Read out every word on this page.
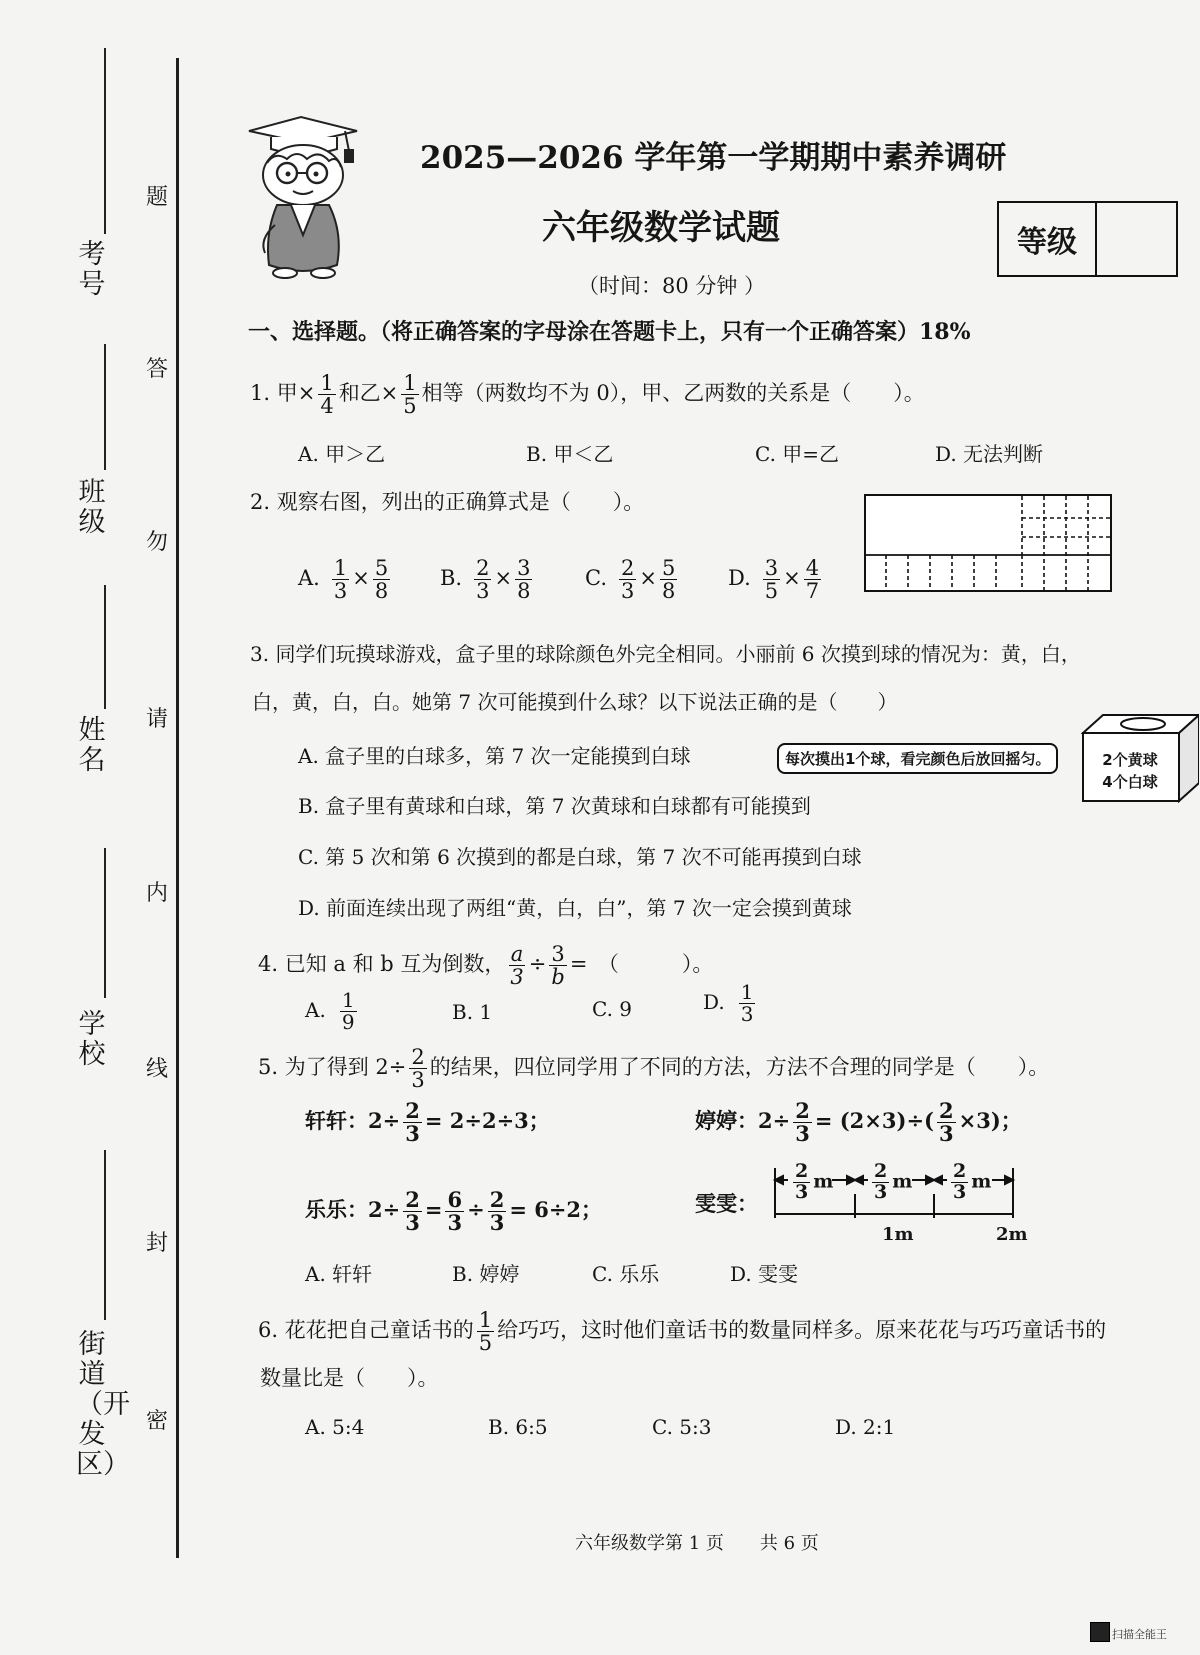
考号
班级
姓名
学校
街道（开发区）
题
答
勿
请
内
线
封
密
2025—2026 学年第一学期期中素养调研
六年级数学试题
（时间：80 分钟 ）
等级
一、选择题。（将正确答案的字母涂在答题卡上，只有一个正确答案）18%
1. 甲× $\frac{1}{4}$ 和乙× $\frac{1}{5}$ 相等（两数均不为 0），甲、乙两数的关系是（　　）。
A. 甲＞乙	B. 甲＜乙	C. 甲=乙	D. 无法判断
2. 观察右图，列出的正确算式是（　　）。
A. $\frac{1}{3} \times \frac{5}{8} B$. $\frac{2}{3} \times \frac{3}{8}$	C. $\frac{2}{3} \times \frac{5}{8} D$. $\frac{3}{5} \times \frac{4}{7}$
3. 同学们玩摸球游戏，盒子里的球除颜色外完全相同。小丽前 6 次摸到球的情况为：黄，白，
白，黄，白，白。她第 7 次可能摸到什么球？以下说法正确的是（　　）
A. 盒子里的白球多，第 7 次一定能摸到白球
B. 盒子里有黄球和白球，第 7 次黄球和白球都有可能摸到
C. 第 5 次和第 6 次摸到的都是白球，第 7 次不可能再摸到白球
D. 前面连续出现了两组“黄，白，白”，第 7 次一定会摸到黄球
每次摸出1个球，看完颜色后放回摇匀。	2个黄球
4个白球
4. 已知 a 和 b 互为倒数， $\frac{a}{3} \div \frac{3}{b}$ =　（　　　）。
A. $\frac{1}{9}$	B. 1	C. 9	D. $\frac{1}{3}$
5. 为了得到 $2\div \frac{2}{3}$ 的结果，四位同学用了不同的方法，方法不合理的同学是（　　）。
轩轩：$2\div \frac{2}{3} = 2\div 2\div 3$；	婷婷：$2\div \frac{2}{3} = (2\times 3)\div( \frac{2}{3} \times 3)$；
乐乐：$2\div \frac{2}{3} = \frac{6}{3} \div \frac{2}{3} = 6\div 2$；	雯雯：
$\frac{2}{3}$ m $\frac{2}{3}$ m $\frac{2}{3}$ m
1m	2m
A. 轩轩	B. 婷婷	C. 乐乐	D. 雯雯
6. 花花把自己童话书的 $\frac{1}{5}$ 给巧巧，这时他们童话书的数量同样多。原来花花与巧巧童话书的
数量比是（　　）。
A. 5:4	B. 6:5	C. 5:3	D. 2:1
六年级数学第 1 页　　共 6 页
扫描全能王
